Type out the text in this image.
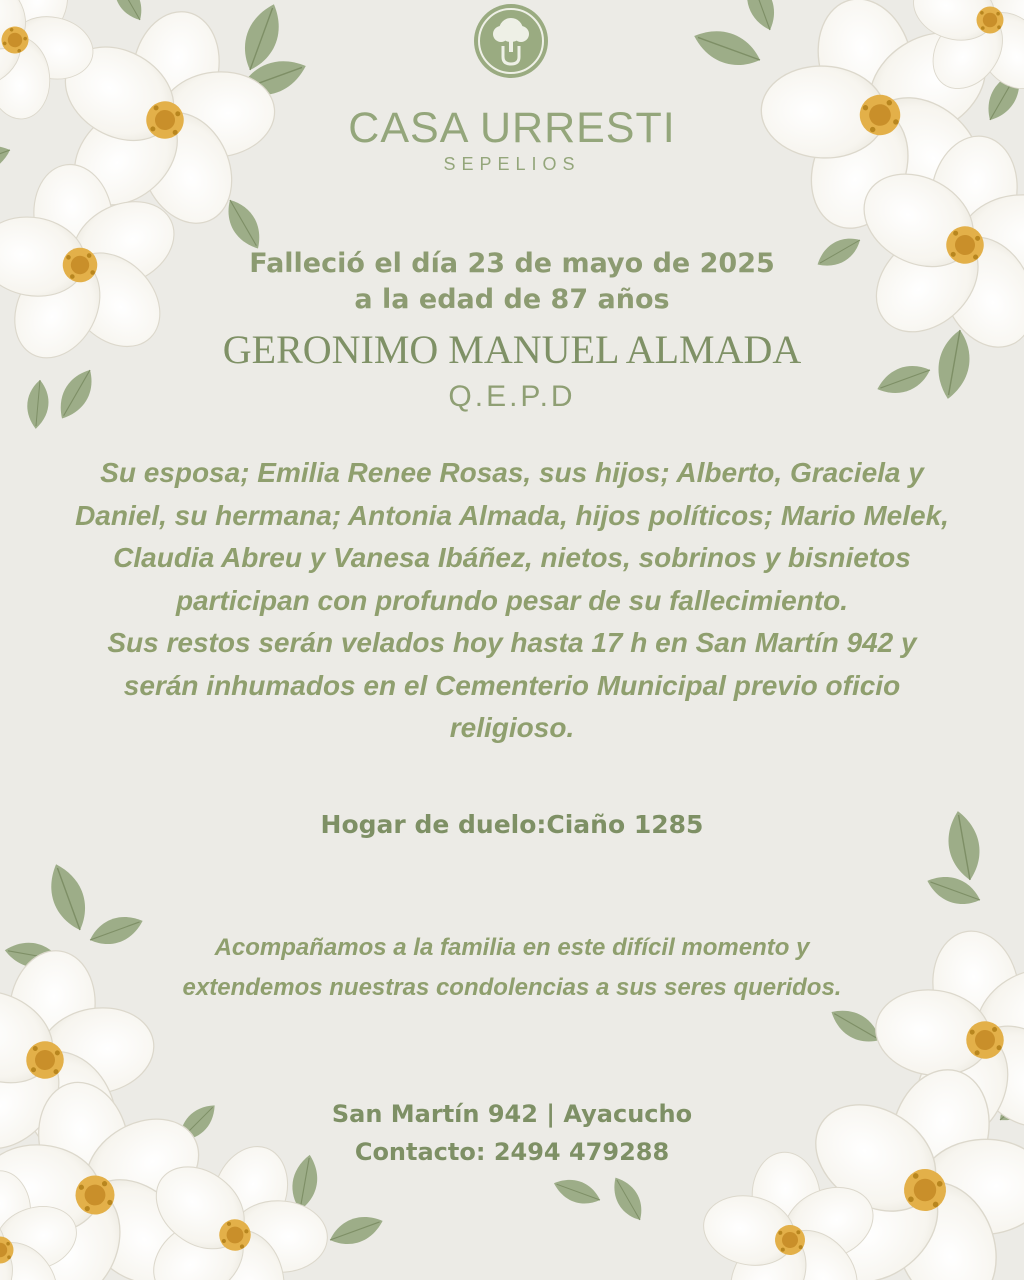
CASA URRESTI
SEPELIOS
Falleció el día 23 de mayo de 2025
a la edad de 87 años
GERONIMO MANUEL ALMADA
Q.E.P.D
Su esposa; Emilia Renee Rosas, sus hijos; Alberto, Graciela y
Daniel, su hermana; Antonia Almada, hijos políticos; Mario Melek,
Claudia Abreu y Vanesa Ibáñez, nietos, sobrinos y bisnietos
participan con profundo pesar de su fallecimiento.
Sus restos serán velados hoy hasta 17 h en San Martín 942 y
serán inhumados en el Cementerio Municipal previo oficio
religioso.
Hogar de duelo:Ciaño 1285
Acompañamos a la familia en este difícil momento y
extendemos nuestras condolencias a sus seres queridos.
San Martín 942 | Ayacucho
Contacto: 2494 479288
